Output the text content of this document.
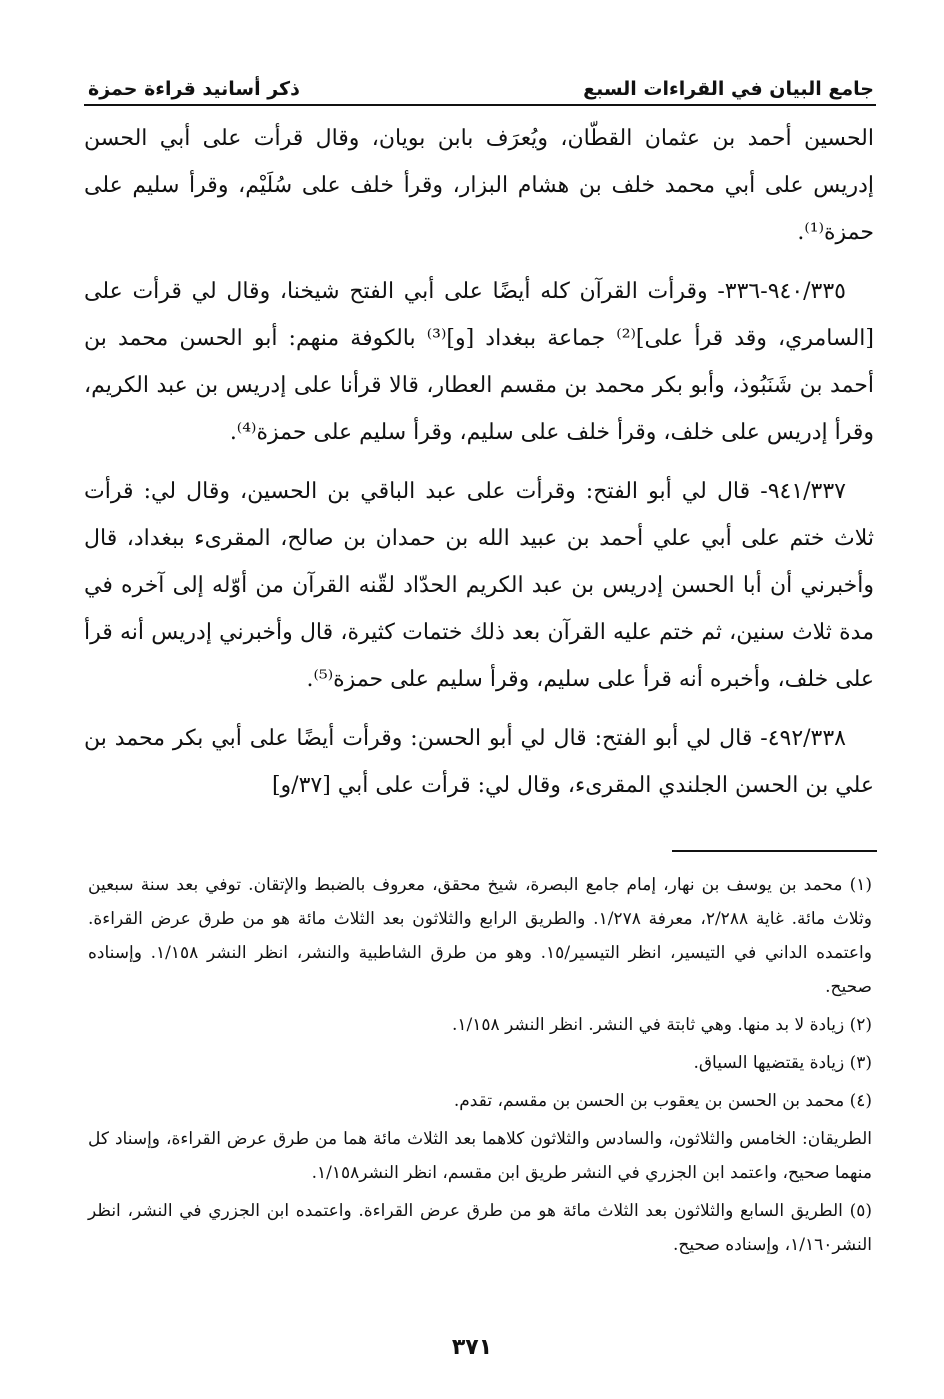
جامع البيان في القراءات السبع
ذكر أسانيد قراءة حمزة

الحسين أحمد بن عثمان القطّان، ويُعرَف بابن بويان، وقال قرأت على أبي الحسن إدريس على أبي محمد خلف بن هشام البزار، وقرأ خلف على سُلَيْم، وقرأ سليم على حمزة⁽¹⁾.

٩٤٠/٣٣٥-٣٣٦- وقرأت القرآن كله أيضًا على أبي الفتح شيخنا، وقال لي قرأت على [السامري، وقد قرأ على]⁽²⁾ جماعة ببغداد [و]⁽³⁾ بالكوفة منهم: أبو الحسن محمد بن أحمد بن شَنَبُوذ، وأبو بكر محمد بن مقسم العطار، قالا قرأنا على إدريس بن عبد الكريم، وقرأ إدريس على خلف، وقرأ خلف على سليم، وقرأ سليم على حمزة⁽⁴⁾.

٩٤١/٣٣٧- قال لي أبو الفتح: وقرأت على عبد الباقي بن الحسين، وقال لي: قرأت ثلاث ختم على أبي علي أحمد بن عبيد الله بن حمدان بن صالح، المقرىء ببغداد، قال وأخبرني أن أبا الحسن إدريس بن عبد الكريم الحدّاد لقّنه القرآن من أوّله إلى آخره في مدة ثلاث سنين، ثم ختم عليه القرآن بعد ذلك ختمات كثيرة، قال وأخبرني إدريس أنه قرأ على خلف، وأخبره أنه قرأ على سليم، وقرأ سليم على حمزة⁽⁵⁾.

٤٩٢/٣٣٨- قال لي أبو الفتح: قال لي أبو الحسن: وقرأت أيضًا على أبي بكر محمد بن علي بن الحسن الجلندي المقرىء، وقال لي: قرأت على أبي [٣٧/و]

(١) محمد بن يوسف بن نهار، إمام جامع البصرة، شيخ محقق، معروف بالضبط والإتقان. توفي بعد سنة سبعين وثلاث مائة. غاية ٢/٢٨٨، معرفة ١/٢٧٨. والطريق الرابع والثلاثون بعد الثلاث مائة هو من طرق عرض القراءة. واعتمده الداني في التيسير، انظر التيسير/١٥. وهو من طرق الشاطبية والنشر، انظر النشر ١/١٥٨. وإسناده صحيح.

(٢) زيادة لا بد منها. وهي ثابتة في النشر. انظر النشر ١/١٥٨.

(٣) زيادة يقتضيها السياق.

(٤) محمد بن الحسن بن يعقوب بن الحسن بن مقسم، تقدم.

الطريقان: الخامس والثلاثون، والسادس والثلاثون كلاهما بعد الثلاث مائة هما من طرق عرض القراءة، وإسناد كل منهما صحيح، واعتمد ابن الجزري في النشر طريق ابن مقسم، انظر النشر١/١٥٨.

(٥) الطريق السابع والثلاثون بعد الثلاث مائة هو من طرق عرض القراءة. واعتمده ابن الجزري في النشر، انظر النشر١/١٦٠، وإسناده صحيح.

٣٧١
